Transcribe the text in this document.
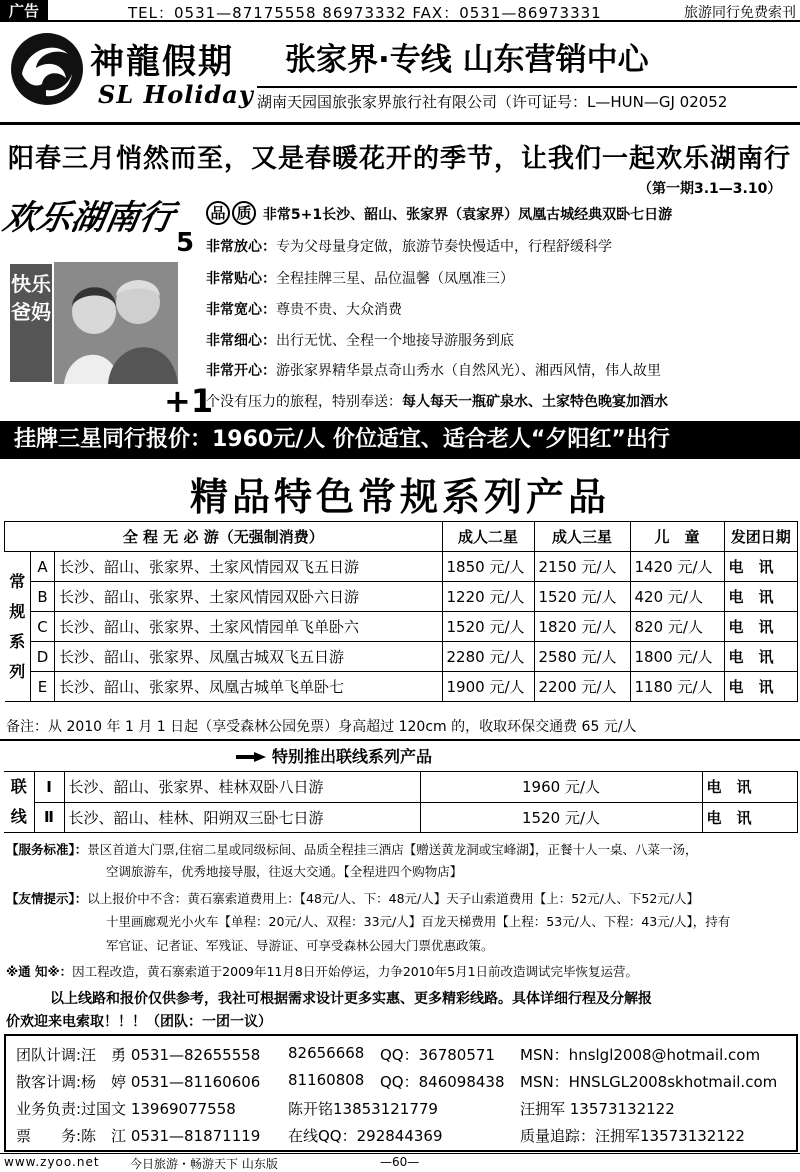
广告	TEL：0531—87175558 86973332 FAX：0531—86973331	旅游同行免费索刊
神龍假期
SL Holiday
张家界·专线 山东营销中心
湖南天园国旅张家界旅行社有限公司（许可证号：L—HUN—GJ 02052
阳春三月悄然而至，又是春暖花开的季节，让我们一起欢乐湖南行
（第一期3.1—3.10）
欢乐湖南行
5
品 质 非常5+1长沙、韶山、张家界（袁家界）凤凰古城经典双卧七日游
非常放心：专为父母量身定做，旅游节奏快慢适中，行程舒缓科学
非常贴心：全程挂牌三星、品位温馨（凤凰准三）
非常宽心：尊贵不贵、大众消费
非常细心：出行无忧、全程一个地接导游服务到底
非常开心：游张家界精华景点奇山秀水（自然风光）、湘西风情，伟人故里
快乐爸妈
+1
个没有压力的旅程，特别奉送：每人每天一瓶矿泉水、土家特色晚宴加酒水
挂牌三星同行报价：1960元/人 价位适宜、适合老人“夕阳红”出行
精品特色常规系列产品
全 程 无 必 游（无强制消费）			成人二星	成人三星	儿　童	发团日期

常
规
系
列	A	长沙、韶山、张家界、土家风情园双飞五日游	1850 元/人	2150 元/人	1420 元/人	电　讯
	B	长沙、韶山、张家界、土家风情园双卧六日游	1220 元/人	1520 元/人	420 元/人	电　讯
	C	长沙、韶山、张家界、土家风情园单飞单卧六	1520 元/人	1820 元/人	820 元/人	电　讯
	D	长沙、韶山、张家界、凤凰古城双飞五日游	2280 元/人	2580 元/人	1800 元/人	电　讯
	E	长沙、韶山、张家界、凤凰古城单飞单卧七	1900 元/人	2200 元/人	1180 元/人	电　讯
备注：从 2010 年 1 月 1 日起（享受森林公园免票）身高超过 120cm 的，收取环保交通费 65 元/人
特别推出联线系列产品
联
线	Ⅰ	长沙、韶山、张家界、桂林双卧八日游	1960 元/人	电　讯
	Ⅱ	长沙、韶山、桂林、阳朔双三卧七日游	1520 元/人	电　讯
【服务标准】：景区首道大门票,住宿二星或同级标间、品质全程挂三酒店【赠送黄龙洞或宝峰湖】，正餐十人一桌、八菜一汤，
空调旅游车，优秀地接导服，往返大交通。【全程进四个购物店】
【友情提示】：以上报价中不含：黄石寨索道费用上：【48元/人、下：48元/人】天子山索道费用【上：52元/人、下52元/人】
十里画廊观光小火车【单程：20元/人、双程：33元/人】百龙天梯费用【上程：53元/人、下程：43元/人】，持有
军官证、记者证、军残证、导游证、可享受森林公园大门票优惠政策。
※通 知※：因工程改造，黄石寨索道于2009年11月8日开始停运，力争2010年5月1日前改造调试完毕恢复运营。
以上线路和报价仅供参考，我社可根据需求设计更多实惠、更多精彩线路。具体详细行程及分解报
价欢迎来电索取！！！（团队：一团一议）
团队计调:汪　勇 0531—82655558 82656668 QQ：36780571 MSN：hnslgl2008@hotmail.com
散客计调:杨　婷 0531—81160606 81160808 QQ：846098438 MSN：HNSLGL2008skhotmail.com
业务负责:过国文 13969077558	陈开铭13853121779	汪拥军 13573132122
票　　务:陈　江 0531—81871119 在线QQ：292844369	质量追踪：汪拥军13573132122
www.zyoo.net	今日旅游・畅游天下 山东版	—60—
